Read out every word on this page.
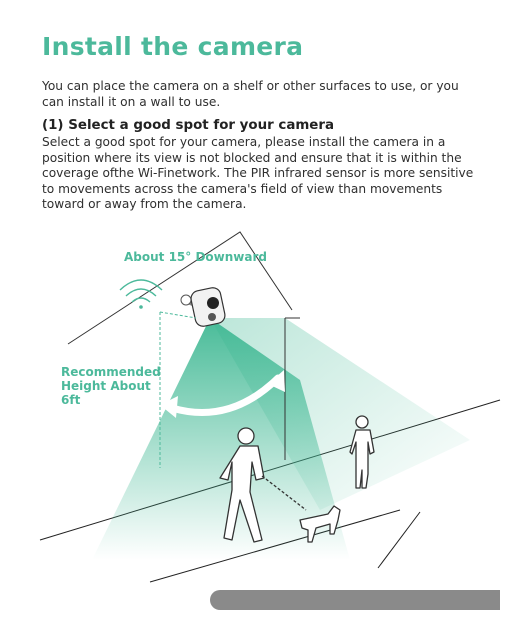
Install the camera

You can place the camera on a shelf or other surfaces to use, or you can install it on a wall to use.

(1) Select a good spot for your camera

Select a good spot for your camera, please install the camera in a position where its view is not blocked and ensure that it is within the coverage ofthe Wi-Finetwork. The PIR infrared sensor is more sensitive to movements across the camera's field of view than movements toward or away from the camera.

About 15° Downward
Recommended Height About 6ft
